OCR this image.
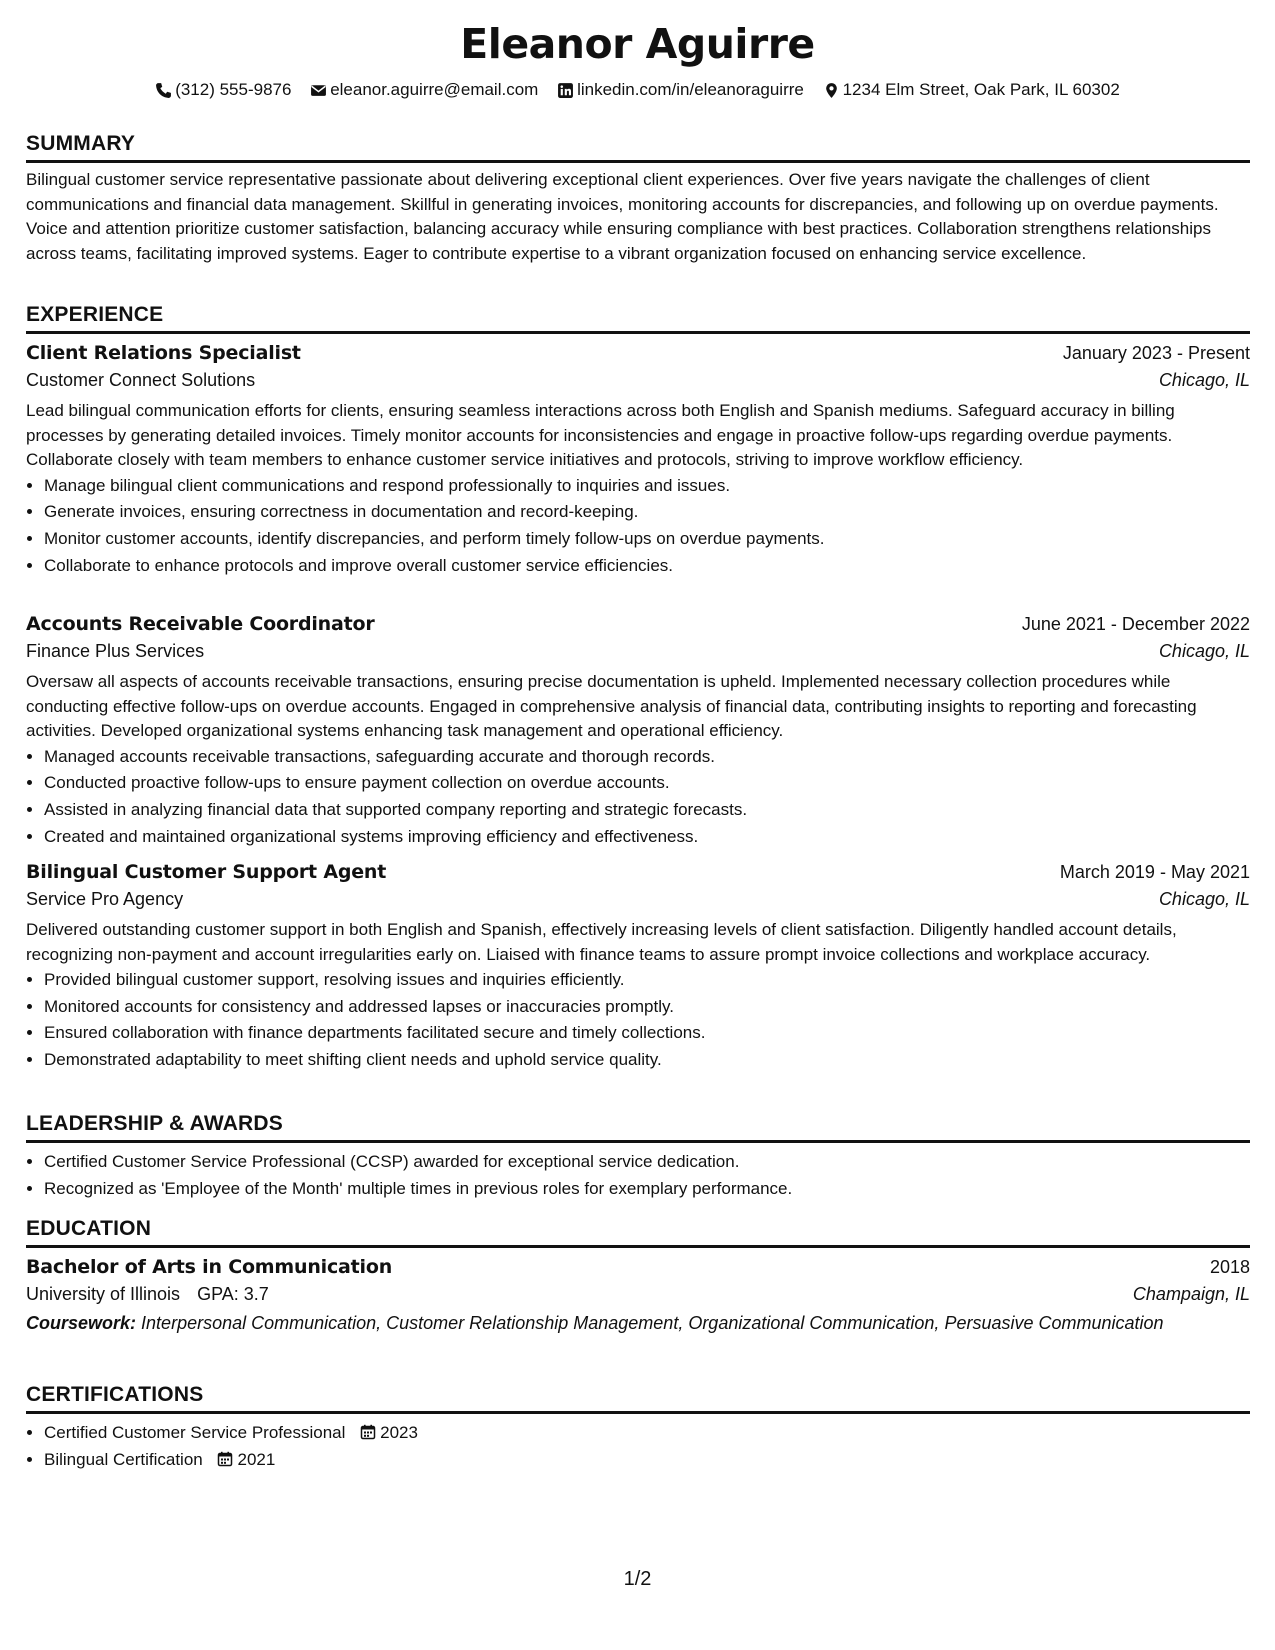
Eleanor Aguirre
(312) 555-9876
eleanor.aguirre@email.com
linkedin.com/in/eleanoraguirre
1234 Elm Street, Oak Park, IL 60302
SUMMARY

Bilingual customer service representative passionate about delivering exceptional client experiences. Over five years navigate the challenges of client communications and financial data management. Skillful in generating invoices, monitoring accounts for discrepancies, and following up on overdue payments. Voice and attention prioritize customer satisfaction, balancing accuracy while ensuring compliance with best practices. Collaboration strengthens relationships across teams, facilitating improved systems. Eager to contribute expertise to a vibrant organization focused on enhancing service excellence.

EXPERIENCE
Client Relations Specialist	January 2023 - Present
Customer Connect Solutions	Chicago, IL
Lead bilingual communication efforts for clients, ensuring seamless interactions across both English and Spanish mediums. Safeguard accuracy in billing processes by generating detailed invoices. Timely monitor accounts for inconsistencies and engage in proactive follow-ups regarding overdue payments. Collaborate closely with team members to enhance customer service initiatives and protocols, striving to improve workflow efficiency.
• Manage bilingual client communications and respond professionally to inquiries and issues.
• Generate invoices, ensuring correctness in documentation and record-keeping.
• Monitor customer accounts, identify discrepancies, and perform timely follow-ups on overdue payments.
• Collaborate to enhance protocols and improve overall customer service efficiencies.
Accounts Receivable Coordinator	June 2021 - December 2022
Finance Plus Services	Chicago, IL
Oversaw all aspects of accounts receivable transactions, ensuring precise documentation is upheld. Implemented necessary collection procedures while conducting effective follow-ups on overdue accounts. Engaged in comprehensive analysis of financial data, contributing insights to reporting and forecasting activities. Developed organizational systems enhancing task management and operational efficiency.
• Managed accounts receivable transactions, safeguarding accurate and thorough records.
• Conducted proactive follow-ups to ensure payment collection on overdue accounts.
• Assisted in analyzing financial data that supported company reporting and strategic forecasts.
• Created and maintained organizational systems improving efficiency and effectiveness.
Bilingual Customer Support Agent	March 2019 - May 2021
Service Pro Agency	Chicago, IL
Delivered outstanding customer support in both English and Spanish, effectively increasing levels of client satisfaction. Diligently handled account details, recognizing non-payment and account irregularities early on. Liaised with finance teams to assure prompt invoice collections and workplace accuracy.
• Provided bilingual customer support, resolving issues and inquiries efficiently.
• Monitored accounts for consistency and addressed lapses or inaccuracies promptly.
• Ensured collaboration with finance departments facilitated secure and timely collections.
• Demonstrated adaptability to meet shifting client needs and uphold service quality.
LEADERSHIP & AWARDS
• Certified Customer Service Professional (CCSP) awarded for exceptional service dedication.
• Recognized as 'Employee of the Month' multiple times in previous roles for exemplary performance.
EDUCATION
Bachelor of Arts in Communication	2018
University of Illinois GPA: 3.7	Champaign, IL
Coursework: Interpersonal Communication, Customer Relationship Management, Organizational Communication, Persuasive Communication
CERTIFICATIONS
• Certified Customer Service Professional 2023
• Bilingual Certification 2021
1/2
